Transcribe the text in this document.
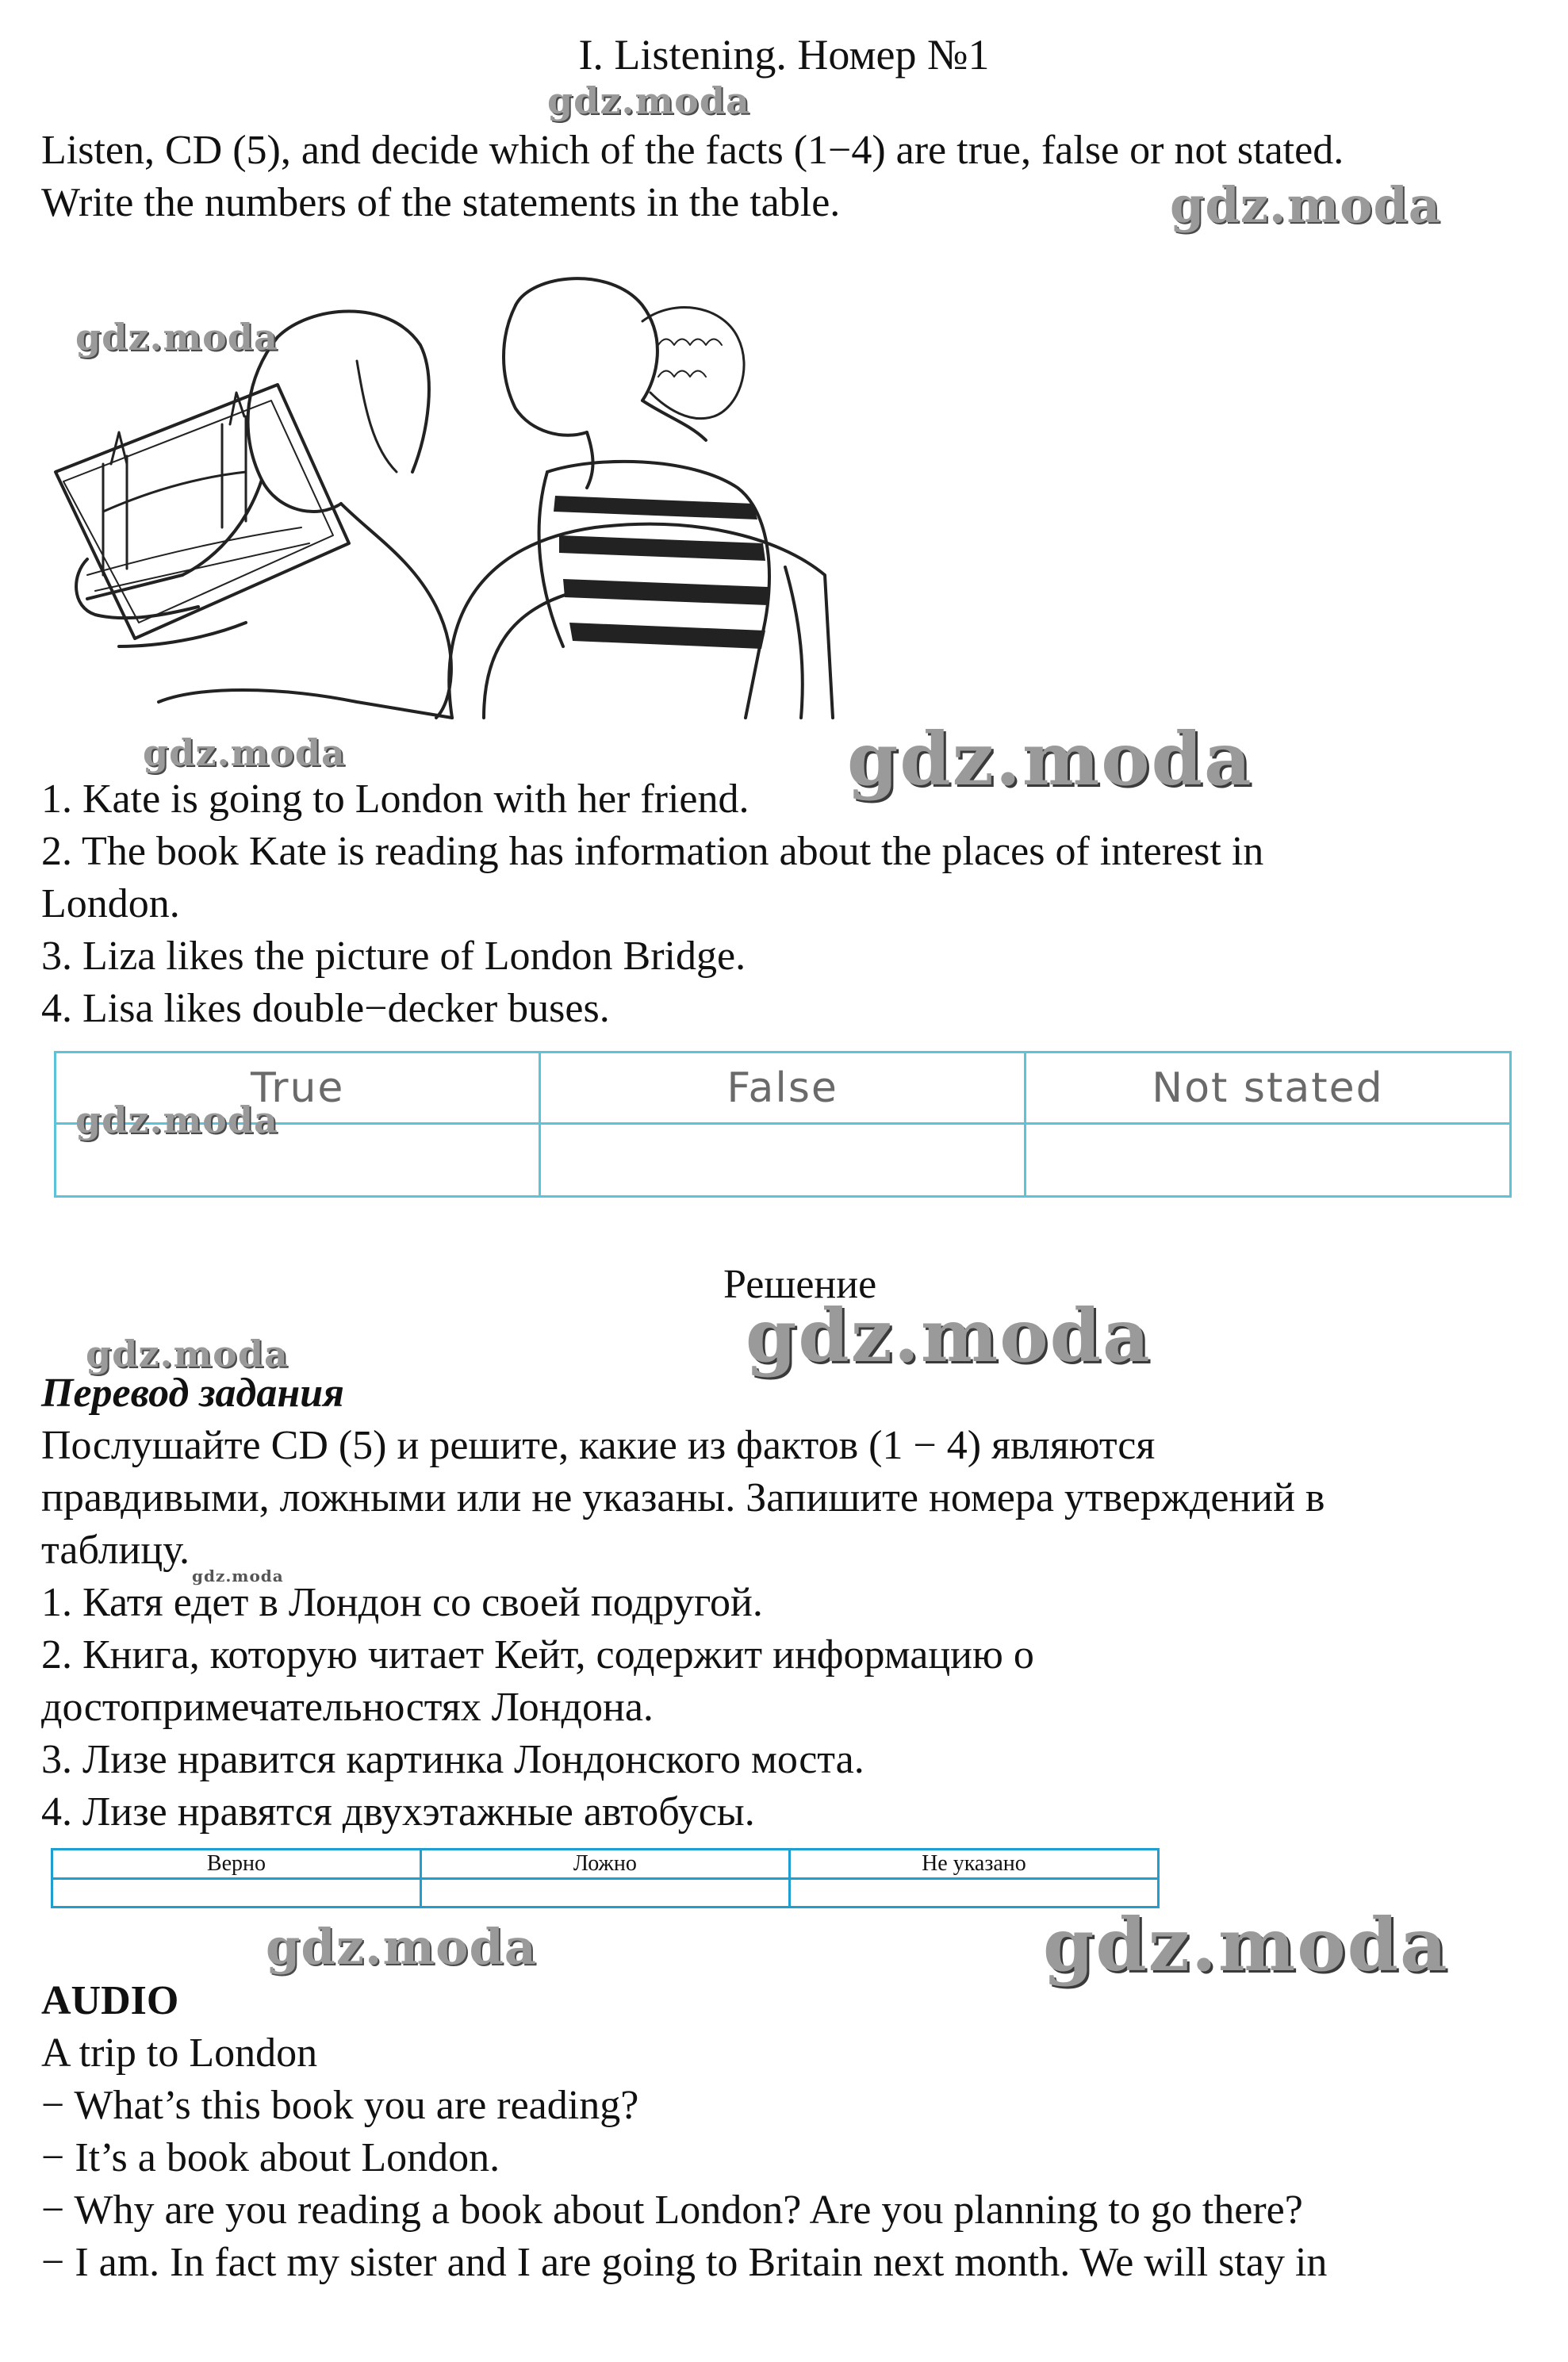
I. Listening. Номер №1
Listen, CD (5), and decide which of the facts (1−4) are true, false or not stated.
Write the numbers of the statements in the table.
gdz.moda
gdz.moda
gdz.moda
gdz.moda	gdz.moda
1. Kate is going to London with her friend.
2. The book Kate is reading has information about the places of interest in
London.
3. Liza likes the picture of London Bridge.
4. Lisa likes double−decker buses.
True	False	Not stated

gdz.moda
Решение
gdz.moda
gdz.moda
Перевод задания
Послушайте CD (5) и решите, какие из фактов (1 − 4) являются
правдивыми, ложными или не указаны. Запишите номера утверждений в
таблицу.
gdz.moda
1. Катя едет в Лондон со своей подругой.
2. Книга, которую читает Кейт, содержит информацию о
достопримечательностях Лондона.
3. Лизе нравится картинка Лондонского моста.
4. Лизе нравятся двухэтажные автобусы.
Верно	Ложно	Не указано

gdz.moda	gdz.moda
AUDIO
A trip to London
− What’s this book you are reading?
− It’s a book about London.
− Why are you reading a book about London? Are you planning to go there?
− I am. In fact my sister and I are going to Britain next month. We will stay in
